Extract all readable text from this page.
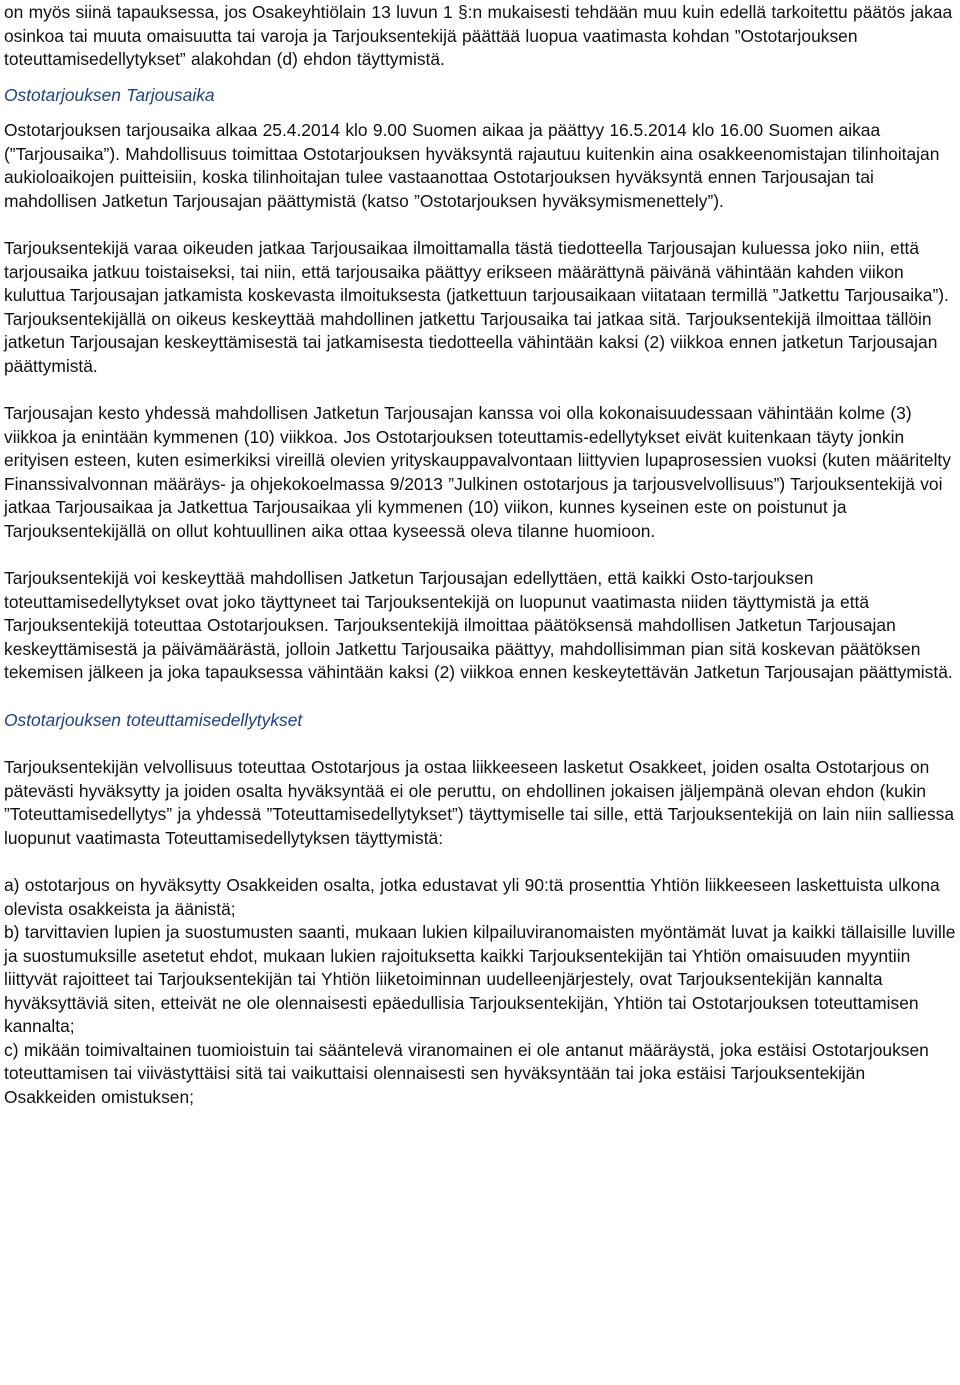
on myös siinä tapauksessa, jos Osakeyhtiölain 13 luvun 1 §:n mukaisesti tehdään muu kuin edellä tarkoitettu päätös jakaa osinkoa tai muuta omaisuutta tai varoja ja Tarjouksentekijä päättää luopua vaatimasta kohdan ”Ostotarjouksen toteuttamisedellytykset” alakohdan (d) ehdon täyttymistä.

Ostotarjouksen Tarjousaika

Ostotarjouksen tarjousaika alkaa 25.4.2014 klo 9.00 Suomen aikaa ja päättyy 16.5.2014 klo 16.00 Suomen aikaa (”Tarjousaika”). Mahdollisuus toimittaa Ostotarjouksen hyväksyntä rajautuu kuitenkin aina osakkeenomistajan tilinhoitajan aukioloaikojen puitteisiin, koska tilinhoitajan tulee vastaanottaa Ostotarjouksen hyväksyntä ennen Tarjousajan tai mahdollisen Jatketun Tarjousajan päättymistä (katso ”Ostotarjouksen hyväksymismenettely”).

Tarjouksentekijä varaa oikeuden jatkaa Tarjousaikaa ilmoittamalla tästä tiedotteella Tarjousajan kuluessa joko niin, että tarjousaika jatkuu toistaiseksi, tai niin, että tarjousaika päättyy erikseen määrättynä päivänä vähintään kahden viikon kuluttua Tarjousajan jatkamista koskevasta ilmoituksesta (jatkettuun tarjousaikaan viitataan termillä ”Jatkettu Tarjousaika”). Tarjouksentekijällä on oikeus keskeyttää mahdollinen jatkettu Tarjousaika tai jatkaa sitä. Tarjouksentekijä ilmoittaa tällöin jatketun Tarjousajan keskeyttämisestä tai jatkamisesta tiedotteella vähintään kaksi (2) viikkoa ennen jatketun Tarjousajan päättymistä.

Tarjousajan kesto yhdessä mahdollisen Jatketun Tarjousajan kanssa voi olla kokonaisuudessaan vähintään kolme (3) viikkoa ja enintään kymmenen (10) viikkoa. Jos Ostotarjouksen toteuttamis-edellytykset eivät kuitenkaan täyty jonkin erityisen esteen, kuten esimerkiksi vireillä olevien yrityskauppavalvontaan liittyvien lupaprosessien vuoksi (kuten määritelty Finanssivalvonnan määräys- ja ohjekokoelmassa 9/2013 ”Julkinen ostotarjous ja tarjousvelvollisuus”) Tarjouksentekijä voi jatkaa Tarjousaikaa ja Jatkettua Tarjousaikaa yli kymmenen (10) viikon, kunnes kyseinen este on poistunut ja Tarjouksentekijällä on ollut kohtuullinen aika ottaa kyseessä oleva tilanne huomioon.

Tarjouksentekijä voi keskeyttää mahdollisen Jatketun Tarjousajan edellyttäen, että kaikki Osto-tarjouksen toteuttamisedellytykset ovat joko täyttyneet tai Tarjouksentekijä on luopunut vaatimasta niiden täyttymistä ja että Tarjouksentekijä toteuttaa Ostotarjouksen. Tarjouksentekijä ilmoittaa päätöksensä mahdollisen Jatketun Tarjousajan keskeyttämisestä ja päivämäärästä, jolloin Jatkettu Tarjousaika päättyy, mahdollisimman pian sitä koskevan päätöksen tekemisen jälkeen ja joka tapauksessa vähintään kaksi (2) viikkoa ennen keskeytettävän Jatketun Tarjousajan päättymistä.

Ostotarjouksen toteuttamisedellytykset

Tarjouksentekijän velvollisuus toteuttaa Ostotarjous ja ostaa liikkeeseen lasketut Osakkeet, joiden osalta Ostotarjous on pätevästi hyväksytty ja joiden osalta hyväksyntää ei ole peruttu, on ehdollinen jokaisen jäljempänä olevan ehdon (kukin ”Toteuttamisedellytys” ja yhdessä ”Toteuttamisedellytykset”) täyttymiselle tai sille, että Tarjouksentekijä on lain niin salliessa luopunut vaatimasta Toteuttamisedellytyksen täyttymistä:

a) ostotarjous on hyväksytty Osakkeiden osalta, jotka edustavat yli 90:tä prosenttia Yhtiön liikkeeseen laskettuista ulkona olevista osakkeista ja äänistä;

b) tarvittavien lupien ja suostumusten saanti, mukaan lukien kilpailuviranomaisten myöntämät luvat ja kaikki tällaisille luville ja suostumuksille asetetut ehdot, mukaan lukien rajoituksetta kaikki Tarjouksentekijän tai Yhtiön omaisuuden myyntiin liittyvät rajoitteet tai Tarjouksentekijän tai Yhtiön liiketoiminnan uudelleenjärjestely, ovat Tarjouksentekijän kannalta hyväksyttäviä siten, etteivät ne ole olennaisesti epäedullisia Tarjouksentekijän, Yhtiön tai Ostotarjouksen toteuttamisen kannalta;

c) mikään toimivaltainen tuomioistuin tai sääntelevä viranomainen ei ole antanut määräystä, joka estäisi Ostotarjouksen toteuttamisen tai viivästyttäisi sitä tai vaikuttaisi olennaisesti sen hyväksyntään tai joka estäisi Tarjouksentekijän Osakkeiden omistuksen;
